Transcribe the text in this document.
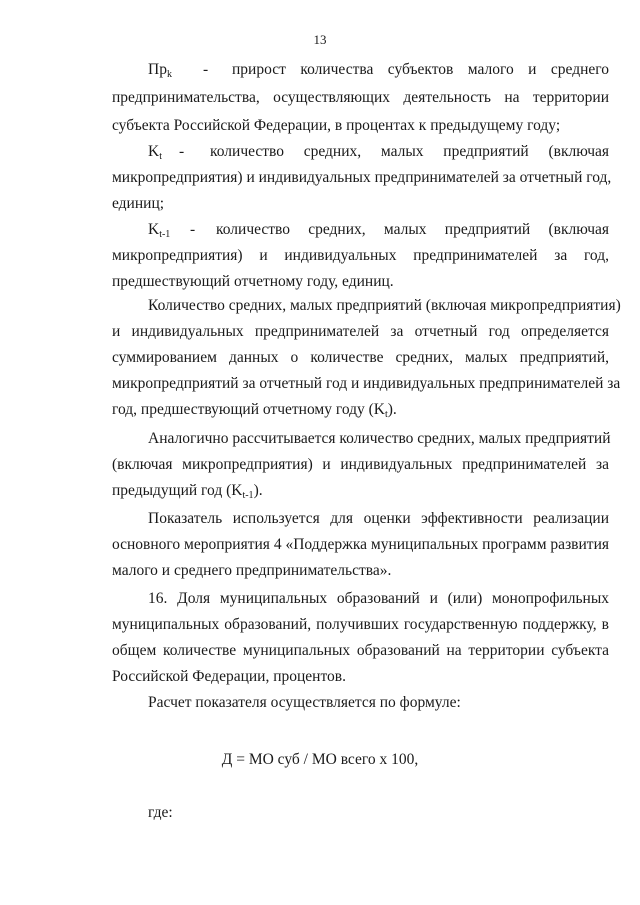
13
$Пр_k$ - прирост количества субъектов малого и среднего
предпринимательства, осуществляющих деятельность на территории
субъекта Российской Федерации, в процентах к предыдущему году;
$K_t$ - количество средних, малых предприятий (включая
микропредприятия) и индивидуальных предпринимателей за отчетный год,
единиц;
$K_{t-1}$ - количество средних, малых предприятий (включая
микропредприятия) и индивидуальных предпринимателей за год,
предшествующий отчетному году, единиц.
Количество средних, малых предприятий (включая микропредприятия)
и индивидуальных предпринимателей за отчетный год определяется
суммированием данных о количестве средних, малых предприятий,
микропредприятий за отчетный год и индивидуальных предпринимателей за
год, предшествующий отчетному году $(K_t)$.
Аналогично рассчитывается количество средних, малых предприятий
(включая микропредприятия) и индивидуальных предпринимателей за
предыдущий год $(K_{t-1})$.
Показатель используется для оценки эффективности реализации
основного мероприятия 4 «Поддержка муниципальных программ развития
малого и среднего предпринимательства».
16. Доля муниципальных образований и (или) монопрофильных
муниципальных образований, получивших государственную поддержку, в
общем количестве муниципальных образований на территории субъекта
Российской Федерации, процентов.
Расчет показателя осуществляется по формуле:
Д = МО суб / МО всего x 100,
где:
